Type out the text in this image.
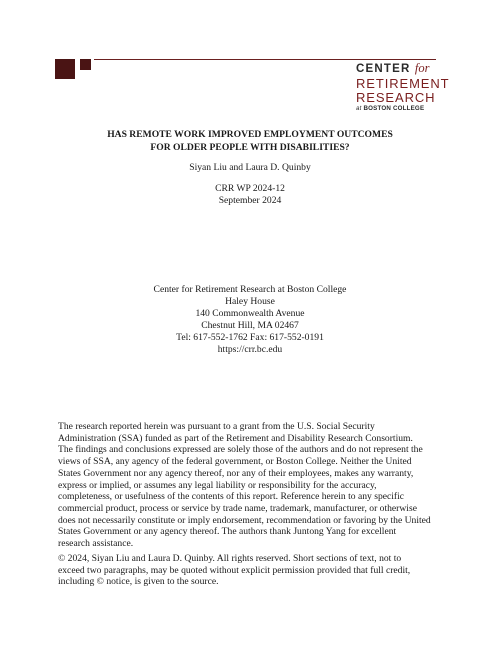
CENTER for
RETIREMENT
RESEARCH
at BOSTON COLLEGE
HAS REMOTE WORK IMPROVED EMPLOYMENT OUTCOMES
FOR OLDER PEOPLE WITH DISABILITIES?
Siyan Liu and Laura D. Quinby
CRR WP 2024-12
September 2024
Center for Retirement Research at Boston College
Haley House
140 Commonwealth Avenue
Chestnut Hill, MA 02467
Tel: 617-552-1762 Fax: 617-552-0191
https://crr.bc.edu
The research reported herein was pursuant to a grant from the U.S. Social Security
Administration (SSA) funded as part of the Retirement and Disability Research Consortium.
The findings and conclusions expressed are solely those of the authors and do not represent the
views of SSA, any agency of the federal government, or Boston College. Neither the United
States Government nor any agency thereof, nor any of their employees, makes any warranty,
express or implied, or assumes any legal liability or responsibility for the accuracy,
completeness, or usefulness of the contents of this report. Reference herein to any specific
commercial product, process or service by trade name, trademark, manufacturer, or otherwise
does not necessarily constitute or imply endorsement, recommendation or favoring by the United
States Government or any agency thereof. The authors thank Juntong Yang for excellent
research assistance.
© 2024, Siyan Liu and Laura D. Quinby. All rights reserved. Short sections of text, not to
exceed two paragraphs, may be quoted without explicit permission provided that full credit,
including © notice, is given to the source.
